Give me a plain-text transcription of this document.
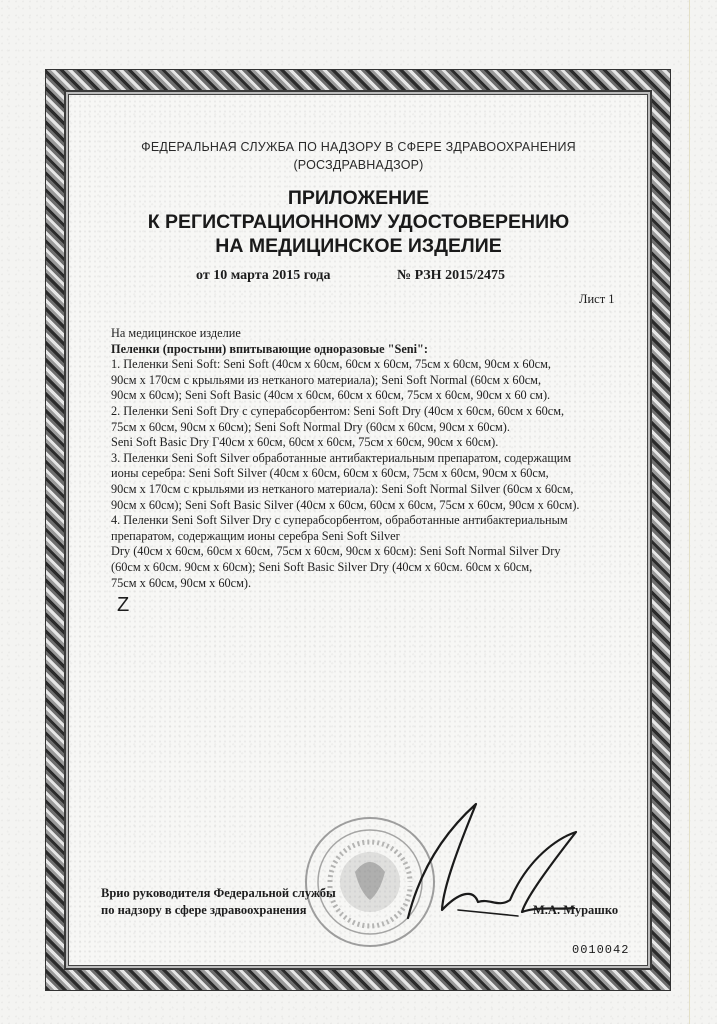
ФЕДЕРАЛЬНАЯ СЛУЖБА ПО НАДЗОРУ В СФЕРЕ ЗДРАВООХРАНЕНИЯ
(РОСЗДРАВНАДЗОР)
ПРИЛОЖЕНИЕ
К РЕГИСТРАЦИОННОМУ УДОСТОВЕРЕНИЮ
НА МЕДИЦИНСКОЕ ИЗДЕЛИЕ
от 10 марта 2015 года	№ РЗН 2015/2475
Лист 1

На медицинское изделие

Пеленки (простыни) впитывающие одноразовые "Seni":

1. Пеленки Seni Soft: Seni Soft (40см х 60см, 60см х 60см, 75см х 60см, 90см х 60см,

90см х 170см с крыльями из нетканого материала); Seni Soft Normal (60см х 60см,

90см х 60см); Seni Soft Basic (40см х 60см, 60см х 60см, 75см х 60см, 90см х 60 см).

2. Пеленки Seni Soft Dry с суперабсорбентом: Seni Soft Dry (40см х 60см, 60см х 60см,

75см х 60см, 90см х 60см); Seni Soft Normal Dry (60см х 60см, 90см х 60см).

Seni Soft Basic Dry Г40см х 60см, 60см х 60см, 75см х 60см, 90см х 60см).

3. Пеленки Seni Soft Silver обработанные антибактериальным препаратом, содержащим

ионы серебра: Seni Soft Silver (40см х 60см, 60см х 60см, 75см х 60см, 90см х 60см,

90см х 170см с крыльями из нетканого материала): Seni Soft Normal Silver (60см х 60см,

90см х 60см); Seni Soft Basic Silver (40см х 60см, 60см х 60см, 75см х 60см, 90см х 60см).

4. Пеленки Seni Soft Silver Dry с суперабсорбентом, обработанные антибактериальным

препаратом, содержащим ионы серебра Seni Soft Silver

Dry (40см х 60см, 60см х 60см, 75см х 60см, 90см х 60см): Seni Soft Normal Silver Dry

(60см х 60см. 90см х 60см); Seni Soft Basic Silver Dry (40см х 60см. 60см х 60см,

75см х 60см, 90см х 60см).

Z
Врио руководителя Федеральной службы
по надзору в сфере здравоохранения	М.А. Мурашко
0010042
